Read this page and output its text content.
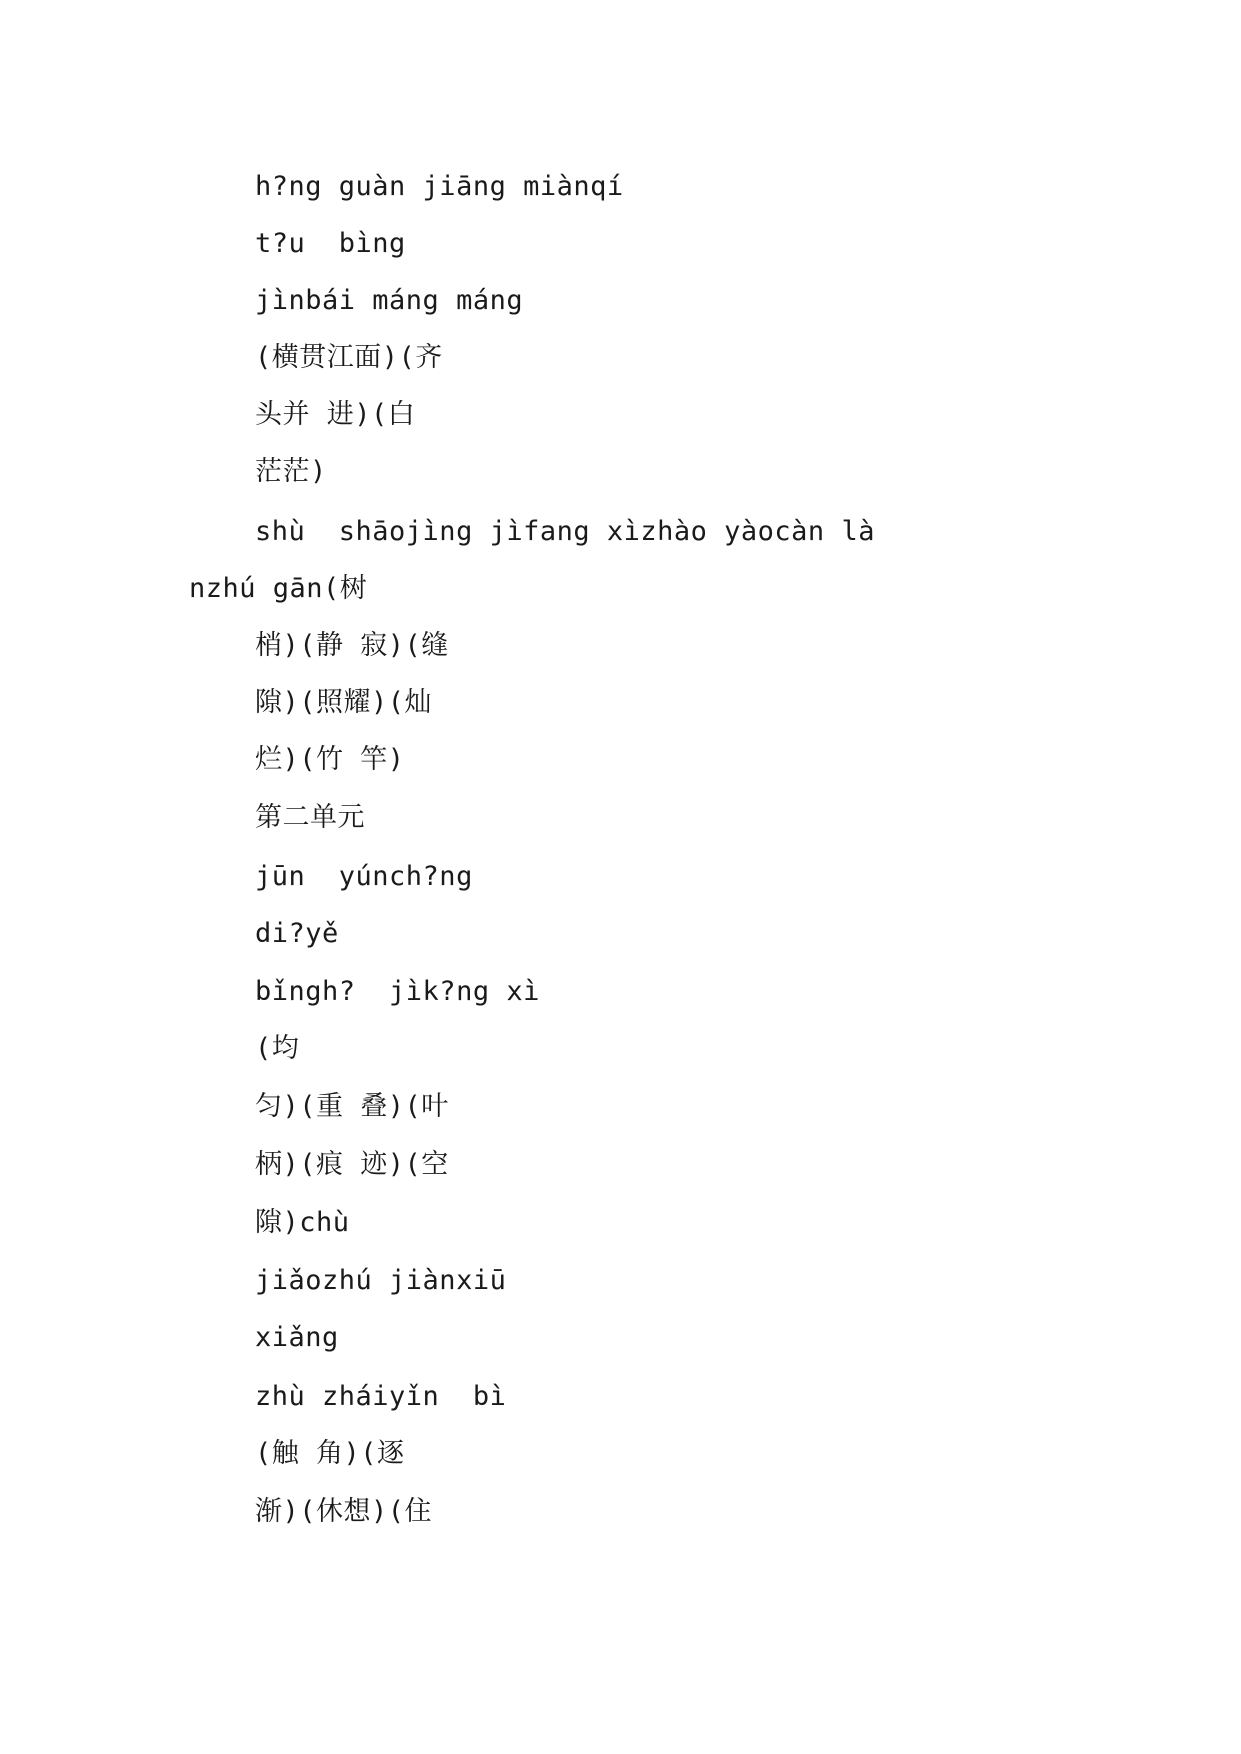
h?ng guàn jiāng miànqí
t?u  bìng
jìnbái máng máng
(横贯江面)(齐
头并 进)(白
茫茫)
shù  shāojìng jìfang xìzhào yàocàn là
nzhú gān(树
梢)(静 寂)(缝
隙)(照耀)(灿
烂)(竹 竿)
第二单元
jūn  yúnch?ng
di?yě
bǐngh?  jìk?ng xì
(均
匀)(重 叠)(叶
柄)(痕 迹)(空
隙)chù
jiǎozhú jiànxiū
xiǎng
zhù zháiyǐn  bì
(触 角)(逐
渐)(休想)(住
